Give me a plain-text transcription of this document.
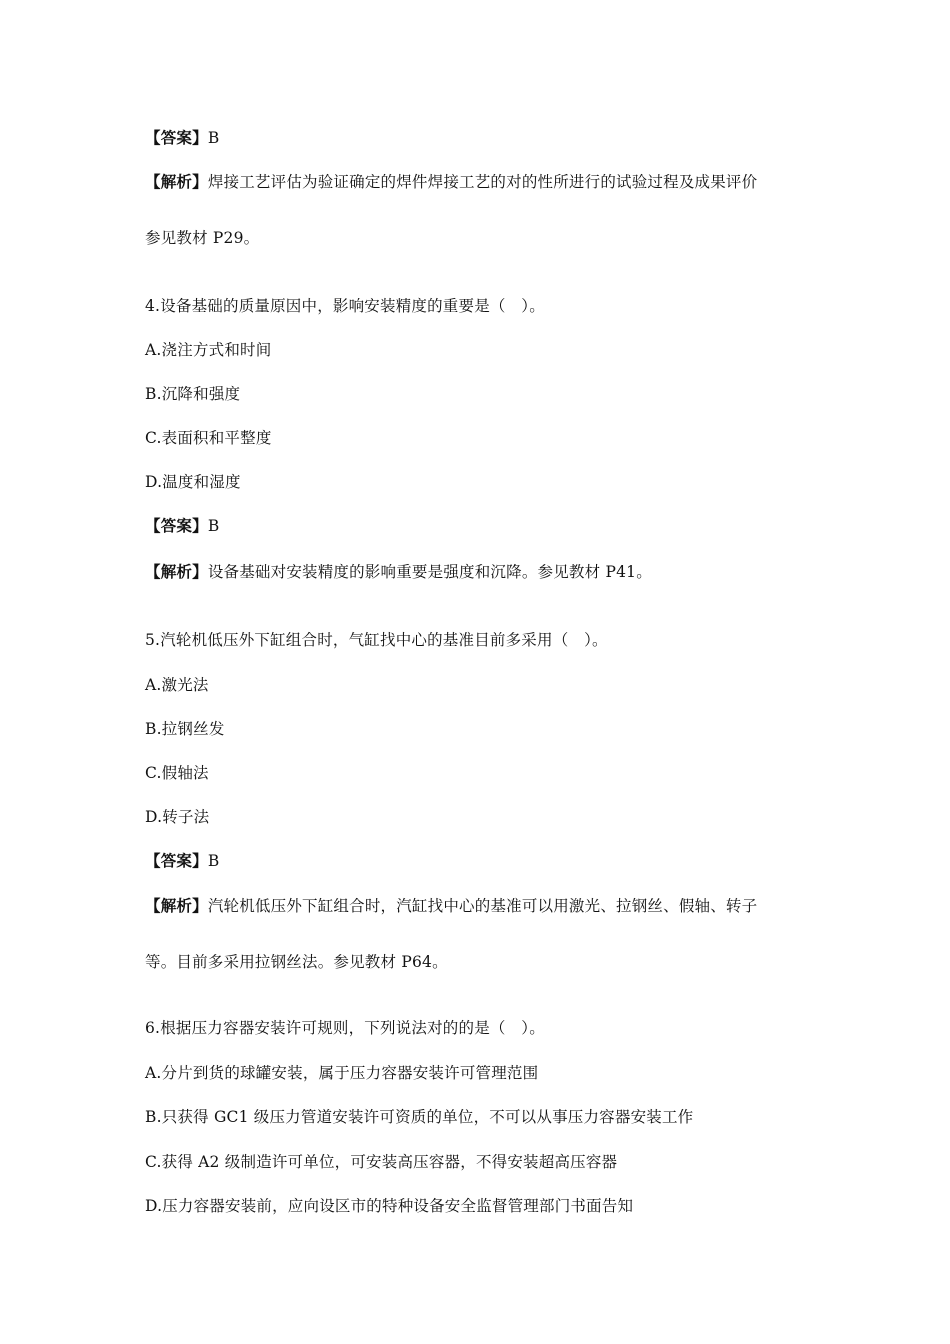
【答案】B
【解析】焊接工艺评估为验证确定的焊件焊接工艺的对的性所进行的试验过程及成果评价
参见教材 P29。
4.设备基础的质量原因中，影响安装精度的重要是（　）。
A.浇注方式和时间
B.沉降和强度
C.表面积和平整度
D.温度和湿度
【答案】B
【解析】设备基础对安装精度的影响重要是强度和沉降。参见教材 P41。
5.汽轮机低压外下缸组合时，气缸找中心的基准目前多采用（　）。
A.激光法
B.拉钢丝发
C.假轴法
D.转子法
【答案】B
【解析】汽轮机低压外下缸组合时，汽缸找中心的基准可以用激光、拉钢丝、假轴、转子
等。目前多采用拉钢丝法。参见教材 P64。
6.根据压力容器安装许可规则，下列说法对的的是（　）。
A.分片到货的球罐安装，属于压力容器安装许可管理范围
B.只获得 GC1 级压力管道安装许可资质的单位，不可以从事压力容器安装工作
C.获得 A2 级制造许可单位，可安装高压容器，不得安装超高压容器
D.压力容器安装前，应向设区市的特种设备安全监督管理部门书面告知
